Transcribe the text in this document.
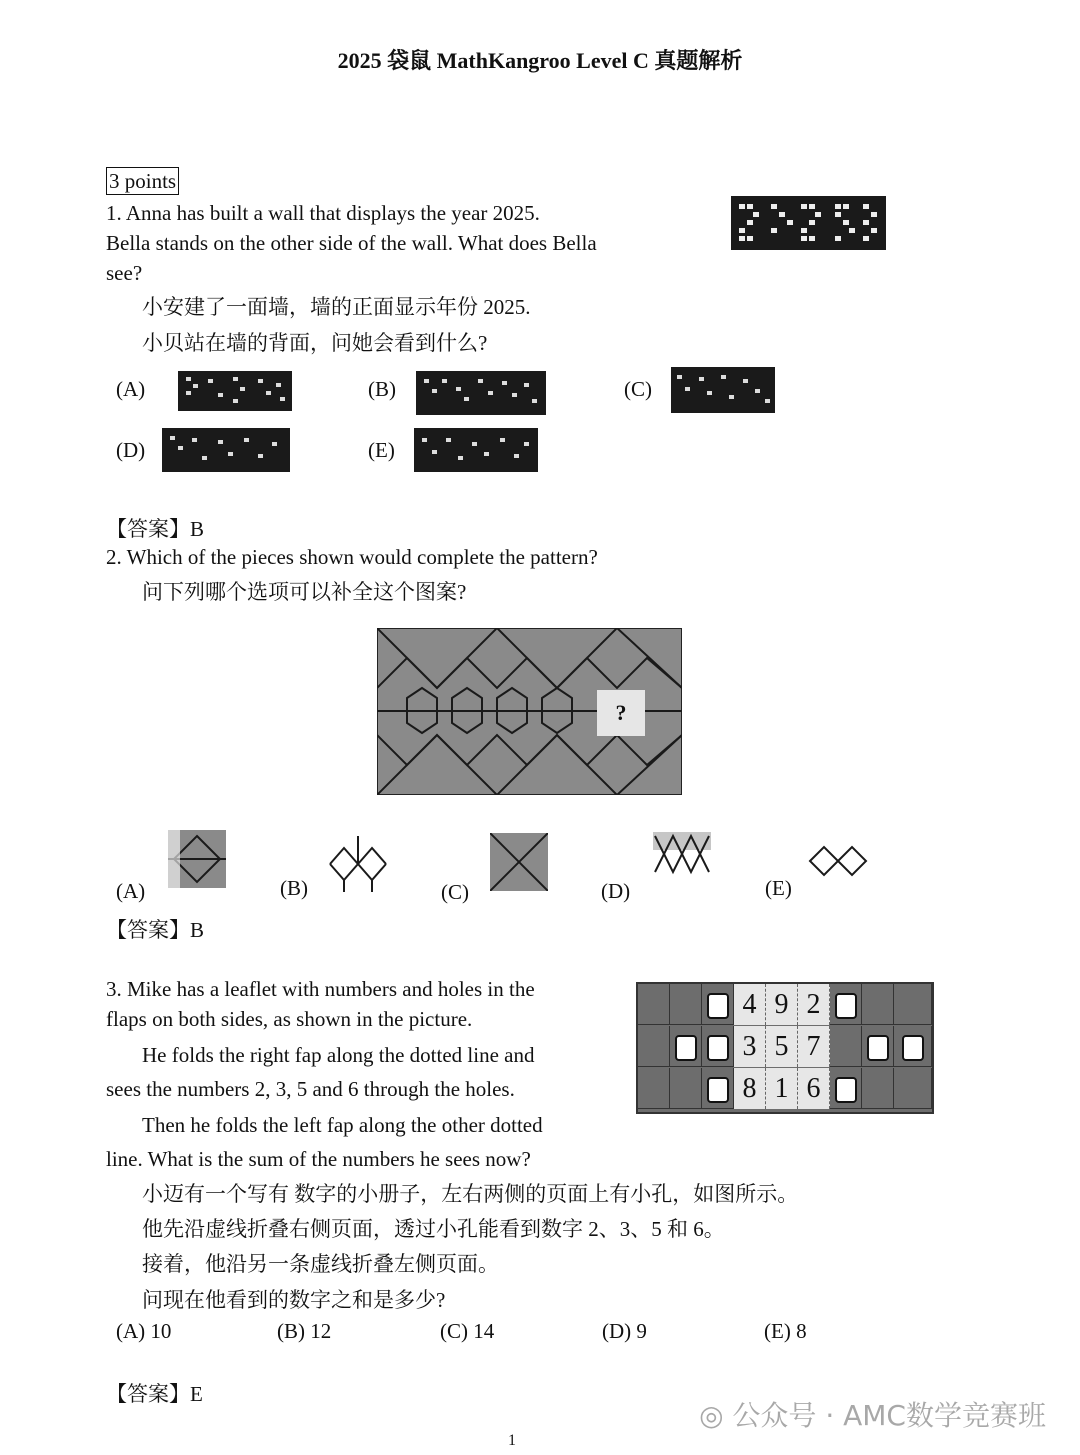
2025 袋鼠 MathKangroo Level C 真题解析
3 points
1. Anna has built a wall that displays the year 2025.
Bella stands on the other side of the wall. What does Bella
see?
小安建了一面墙，墙的正面显示年份 2025.
小贝站在墙的背面，问她会看到什么?
(A)	(B)	(C)
(D)	(E)
【答案】B
2. Which of the pieces shown would complete the pattern?
问下列哪个选项可以补全这个图案?
?
(A)	(B)	(C)	(D)	(E)
【答案】B
3. Mike has a leaflet with numbers and holes in the
flaps on both sides, as shown in the picture.
He folds the right fap along the dotted line and
sees the numbers 2, 3, 5 and 6 through the holes.
Then he folds the left fap along the other dotted
line. What is the sum of the numbers he sees now?
小迈有一个写有 数字的小册子，左右两侧的页面上有小孔，如图所示。
他先沿虚线折叠右侧页面，透过小孔能看到数字 2、3、5 和 6。
接着，他沿另一条虚线折叠左侧页面。
问现在他看到的数字之和是多少?
4 9 2
3 5 7
8 1 6
(A) 10	(B) 12	(C) 14	(D) 9	(E) 8
【答案】E
◎ 公众号 · AMC数学竞赛班
1
